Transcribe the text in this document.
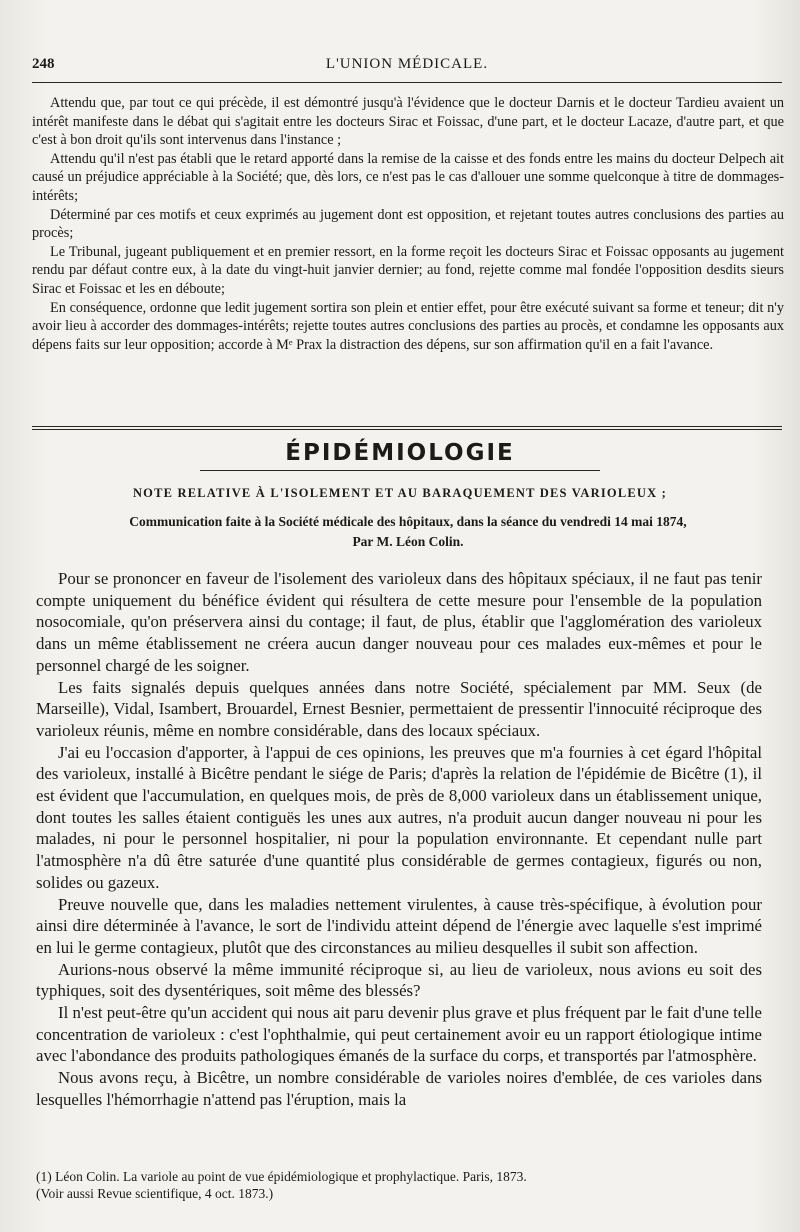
248	L'UNION MÉDICALE.

Attendu que, par tout ce qui précède, il est démontré jusqu'à l'évidence que le docteur Darnis et le docteur Tardieu avaient un intérêt manifeste dans le débat qui s'agitait entre les docteurs Sirac et Foissac, d'une part, et le docteur Lacaze, d'autre part, et que c'est à bon droit qu'ils sont intervenus dans l'instance ;

Attendu qu'il n'est pas établi que le retard apporté dans la remise de la caisse et des fonds entre les mains du docteur Delpech ait causé un préjudice appréciable à la Société; que, dès lors, ce n'est pas le cas d'allouer une somme quelconque à titre de dommages-intérêts;

Déterminé par ces motifs et ceux exprimés au jugement dont est opposition, et rejetant toutes autres conclusions des parties au procès;

Le Tribunal, jugeant publiquement et en premier ressort, en la forme reçoit les docteurs Sirac et Foissac opposants au jugement rendu par défaut contre eux, à la date du vingt-huit janvier dernier; au fond, rejette comme mal fondée l'opposition desdits sieurs Sirac et Foissac et les en déboute;

En conséquence, ordonne que ledit jugement sortira son plein et entier effet, pour être exécuté suivant sa forme et teneur; dit n'y avoir lieu à accorder des dommages-intérêts; rejette toutes autres conclusions des parties au procès, et condamne les opposants aux dépens faits sur leur opposition; accorde à Mᵉ Prax la distraction des dépens, sur son affirmation qu'il en a fait l'avance.

ÉPIDÉMIOLOGIE
NOTE RELATIVE À L'ISOLEMENT ET AU BARAQUEMENT DES VARIOLEUX ;
Communication faite à la Société médicale des hôpitaux, dans la séance du vendredi 14 mai 1874,
Par M. Léon Colin.

Pour se prononcer en faveur de l'isolement des varioleux dans des hôpitaux spéciaux, il ne faut pas tenir compte uniquement du bénéfice évident qui résultera de cette mesure pour l'ensemble de la population nosocomiale, qu'on préservera ainsi du contage; il faut, de plus, établir que l'agglomération des varioleux dans un même établissement ne créera aucun danger nouveau pour ces malades eux-mêmes et pour le personnel chargé de les soigner.

Les faits signalés depuis quelques années dans notre Société, spécialement par MM. Seux (de Marseille), Vidal, Isambert, Brouardel, Ernest Besnier, permettaient de pressentir l'innocuité réciproque des varioleux réunis, même en nombre considérable, dans des locaux spéciaux.

J'ai eu l'occasion d'apporter, à l'appui de ces opinions, les preuves que m'a fournies à cet égard l'hôpital des varioleux, installé à Bicêtre pendant le siége de Paris; d'après la relation de l'épidémie de Bicêtre (1), il est évident que l'accumulation, en quelques mois, de près de 8,000 varioleux dans un établissement unique, dont toutes les salles étaient contiguës les unes aux autres, n'a produit aucun danger nouveau ni pour les malades, ni pour le personnel hospitalier, ni pour la population environnante. Et cependant nulle part l'atmosphère n'a dû être saturée d'une quantité plus considérable de germes contagieux, figurés ou non, solides ou gazeux.

Preuve nouvelle que, dans les maladies nettement virulentes, à cause très-spécifique, à évolution pour ainsi dire déterminée à l'avance, le sort de l'individu atteint dépend de l'énergie avec laquelle s'est imprimé en lui le germe contagieux, plutôt que des circonstances au milieu desquelles il subit son affection.

Aurions-nous observé la même immunité réciproque si, au lieu de varioleux, nous avions eu soit des typhiques, soit des dysentériques, soit même des blessés?

Il n'est peut-être qu'un accident qui nous ait paru devenir plus grave et plus fréquent par le fait d'une telle concentration de varioleux : c'est l'ophthalmie, qui peut certainement avoir eu un rapport étiologique intime avec l'abondance des produits pathologiques émanés de la surface du corps, et transportés par l'atmosphère.

Nous avons reçu, à Bicêtre, un nombre considérable de varioles noires d'emblée, de ces varioles dans lesquelles l'hémorrhagie n'attend pas l'éruption, mais la

(1) Léon Colin. La variole au point de vue épidémiologique et prophylactique. Paris, 1873.

(Voir aussi Revue scientifique, 4 oct. 1873.)
